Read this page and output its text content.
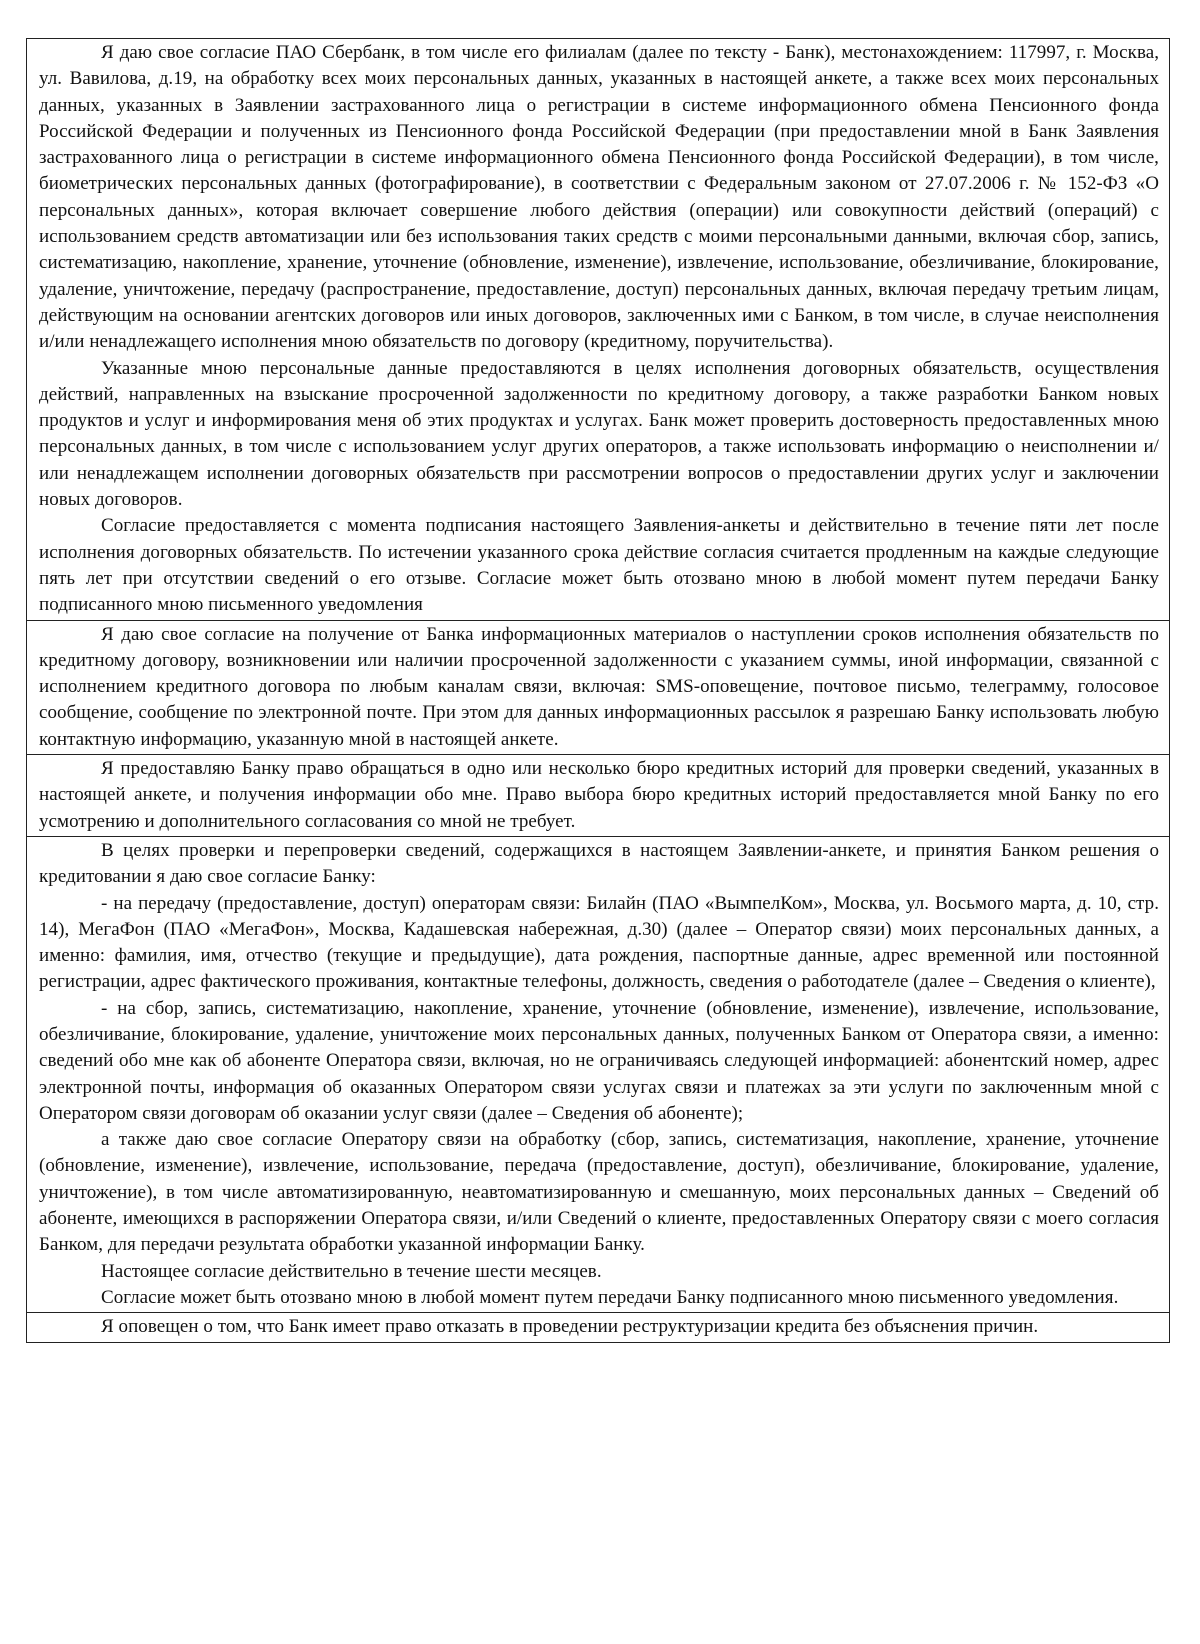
Я даю свое согласие ПАО Сбербанк, в том числе его филиалам (далее по тексту - Банк), местонахождением: 117997, г. Москва, ул. Вавилова, д.19, на обработку всех моих персональных данных, указанных в настоящей анкете, а также всех моих персональных данных, указанных в Заявлении застрахованного лица о регистрации в системе информационного обмена Пенсионного фонда Российской Федерации и полученных из Пенсионного фонда Российской Федерации (при предоставлении мной в Банк Заявления застрахованного лица о регистрации в системе информационного обмена Пенсионного фонда Российской Федерации), в том числе, биометрических персональных данных (фотографирование), в соответствии с Федеральным законом от 27.07.2006 г. № 152-ФЗ «О персональных данных», которая включает совершение любого действия (операции) или совокупности действий (операций) с использованием средств автоматизации или без использования таких средств с моими персональными данными, включая сбор, запись, систематизацию, накопление, хранение, уточнение (обновление, изменение), извлечение, использование, обезличивание, блокирование, удаление, уничтожение, передачу (распространение, предоставление, доступ) персональных данных, включая передачу третьим лицам, действующим на основании агентских договоров или иных договоров, заключенных ими с Банком, в том числе, в случае неисполнения и/или ненадлежащего исполнения мною обязательств по договору (кредитному, поручительства).

Указанные мною персональные данные предоставляются в целях исполнения договорных обязательств, осуществления действий, направленных на взыскание просроченной задолженности по кредитному договору, а также разработки Банком новых продуктов и услуг и информирования меня об этих продуктах и услугах. Банк может проверить достоверность предоставленных мною персональных данных, в том числе с использованием услуг других операторов, а также использовать информацию о неисполнении и/или ненадлежащем исполнении договорных обязательств при рассмотрении вопросов о предоставлении других услуг и заключении новых договоров.

Согласие предоставляется с момента подписания настоящего Заявления-анкеты и действительно в течение пяти лет после исполнения договорных обязательств. По истечении указанного срока действие согласия считается продленным на каждые следующие пять лет при отсутствии сведений о его отзыве. Согласие может быть отозвано мною в любой момент путем передачи Банку подписанного мною письменного уведомления

Я даю свое согласие на получение от Банка информационных материалов о наступлении сроков исполнения обязательств по кредитному договору, возникновении или наличии просроченной задолженности с указанием суммы, иной информации, связанной с исполнением кредитного договора по любым каналам связи, включая: SMS-оповещение, почтовое письмо, телеграмму, голосовое сообщение, сообщение по электронной почте. При этом для данных информационных рассылок я разрешаю Банку использовать любую контактную информацию, указанную мной в настоящей анкете.

Я предоставляю Банку право обращаться в одно или несколько бюро кредитных историй для проверки сведений, указанных в настоящей анкете, и получения информации обо мне. Право выбора бюро кредитных историй предоставляется мной Банку по его усмотрению и дополнительного согласования со мной не требует.

В целях проверки и перепроверки сведений, содержащихся в настоящем Заявлении-анкете, и принятия Банком решения о кредитовании я даю свое согласие Банку:

- на передачу (предоставление, доступ) операторам связи: Билайн (ПАО «ВымпелКом», Москва, ул. Восьмого марта, д. 10, стр. 14), МегаФон (ПАО «МегаФон», Москва, Кадашевская набережная, д.30) (далее – Оператор связи) моих персональных данных, а именно: фамилия, имя, отчество (текущие и предыдущие), дата рождения, паспортные данные, адрес временной или постоянной регистрации, адрес фактического проживания, контактные телефоны, должность, сведения о работодателе (далее – Сведения о клиенте),

- на сбор, запись, систематизацию, накопление, хранение, уточнение (обновление, изменение), извлечение, использование, обезличивание, блокирование, удаление, уничтожение моих персональных данных, полученных Банком от Оператора связи, а именно: сведений обо мне как об абоненте Оператора связи, включая, но не ограничиваясь следующей информацией: абонентский номер, адрес электронной почты, информация об оказанных Оператором связи услугах связи и платежах за эти услуги по заключенным мной с Оператором связи договорам об оказании услуг связи (далее – Сведения об абоненте);

а также даю свое согласие Оператору связи на обработку (сбор, запись, систематизация, накопление, хранение, уточнение (обновление, изменение), извлечение, использование, передача (предоставление, доступ), обезличивание, блокирование, удаление, уничтожение), в том числе автоматизированную, неавтоматизированную и смешанную, моих персональных данных – Сведений об абоненте, имеющихся в распоряжении Оператора связи, и/или Сведений о клиенте, предоставленных Оператору связи с моего согласия Банком, для передачи результата обработки указанной информации Банку.

Настоящее согласие действительно в течение шести месяцев.

Согласие может быть отозвано мною в любой момент путем передачи Банку подписанного мною письменного уведомления.

Я оповещен о том, что Банк имеет право отказать в проведении реструктуризации кредита без объяснения причин.
